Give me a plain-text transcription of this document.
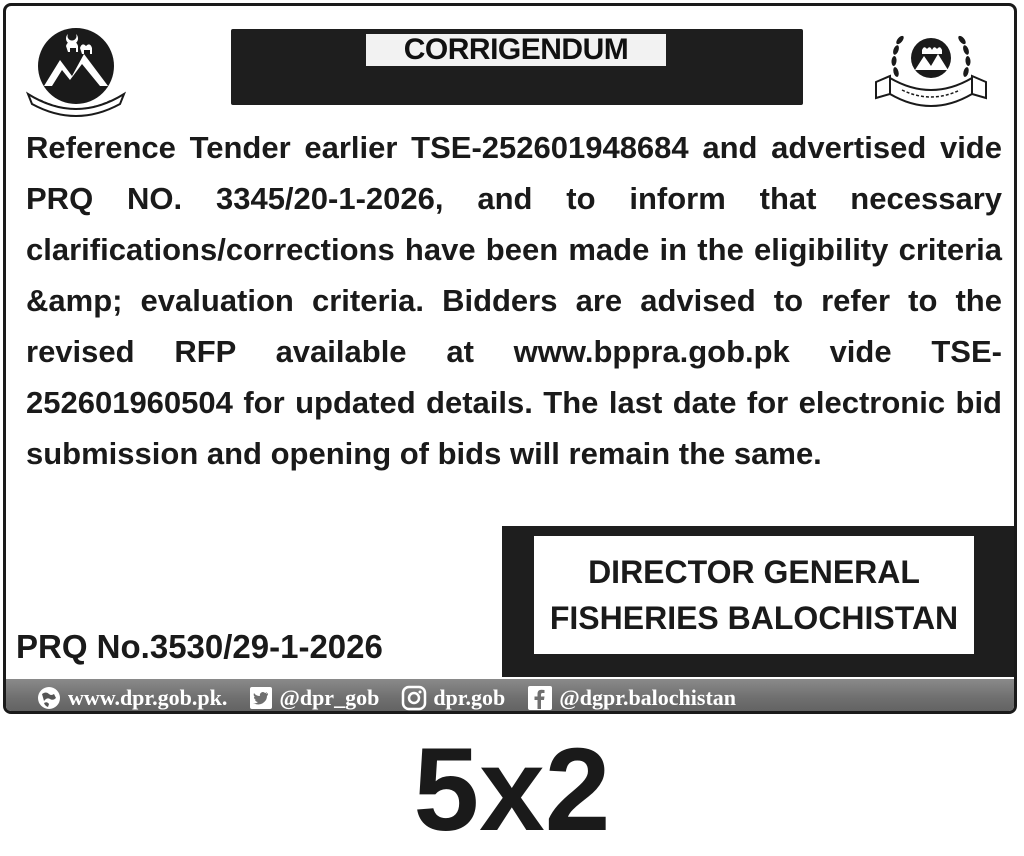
CORRIGENDUM

Reference Tender earlier TSE-252601948684 and advertised vide PRQ NO. 3345/20-1-2026, and to inform that necessary clarifications/corrections have been made in the eligibility criteria &amp; evaluation criteria. Bidders are advised to refer to the revised RFP available at www.bppra.gob.pk vide TSE-252601960504 for updated details. The last date for electronic bid submission and opening of bids will remain the same.

DIRECTOR GENERAL
FISHERIES BALOCHISTAN
PRQ No.3530/29-1-2026
www.dpr.gob.pk. @dpr_gob dpr.gob @dgpr.balochistan
5x2
